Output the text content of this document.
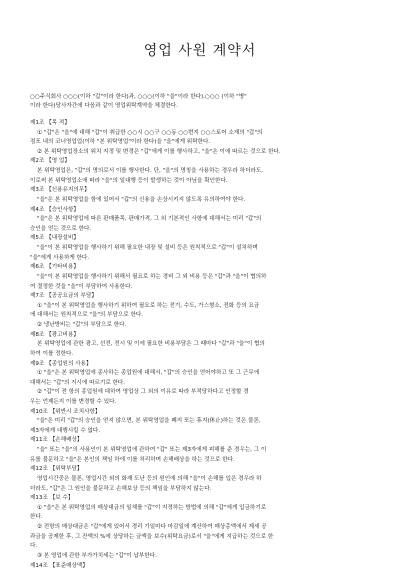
영업 사원 계약서
○○주식회사 ○○○(이하 "갑"이라 한다)과, ○○○(이하 "을"이라 한다),○○○ (이하 "병"
이라 한다)당사자간에 다음과 같이 영업위탁계약을 체결한다.
제1조 【목 적】
① "갑"은 "을"에 대해 "갑"이 취급한 ○○시 ○○구 ○○동 ○○번지 ○○스토어 소재의 "갑"의
점포 내의 코너영업업(이하 "본 위탁영업"이라 한다)을 "을"에게 위탁한다.
② 본 위탁영업장소의 위치 지정 및 변경은 "갑"에게 이를 행사하고, "을"은 이에 따르는 것으로 한다.
제2조 【영 업】
본 위탁영업은, "갑"의 명의로서 이를 행사한다. 단, "을"의 명칭을 사용하는 경우라 하더라도,
이로써 본 위탁영업소에 따라 "을"의 일대행 등이 발생하는 것이 아님을 확인한다.
제3조 【신용유지의무】
"을"은 본 위탁영업을 함에 있어서 "갑"의 신용을 손상시키지 않도록 유의하여야 한다.
제4조 【승인사항】
"을"은 본 위탁영업에 따른 판매품목, 판매가격, 그 외 기본적인 사항에 대해서는 미리 "갑"의
승인을 얻는 것으로 한다.
제5조 【내장설비】
"을"이 본 위탁영업을 행사하기 위해 필요한 내장 및 설비 등은 원칙적으로 "갑"이 설치하며
"을"에게 사용하게 한다.
제6조 【기타비용】
"을"이 본 위탁영업을 행사하기 위해서 필요로 하는 경비 그 외 비용 등은 "갑"과 "을"이 협의하
여 결정한 것을 "을"이 부담하여 사용한다.
제7조 【공공요금의 부담】
① "을"이 본 위탁영업을 행사하기 위하여 필요로 하는 전기, 수도, 가스형소, 전화 등의 요금
에 대해서는 원칙적으로 "을"의 부담으로 한다.
② 냉난방비는 "갑"의 부담으로 한다.
제8조 【광고비용】
본 위탁영업에 관한 광고, 선전, 전시 및 이에 필요한 비용부담은 그 때마다 "갑"과 "을"이 협의
하여 이를 정한다.
제9조 【종업원의 사용】
① "을"은 본 위탁영업에 종사하는 종업원에 대해서, "갑"의 승인을 얻어야하고 또 그 근무에
대해서는 "갑"의 지시에 따르기로 한다.
② "갑"이 전 항의 종업원에 대하여 영업상 그 외의 이유로 따라 부적당하다고 인정할 경
우는 언제든지 이를 변경할 수 있다.
제10조 【위반시 조치사항】
"을"은 미리 "갑"의 승인을 얻지 않으면, 본 위탁영업을 폐지 또는 휴지(休止)하는 것은 물론,
제3자에게 대행시킬 수 없다.
제11조 【손해배상】
"을" 또는 "을"의 사용인이 본 위탁영업에 관하여 "갑" 또는 제3자에게 피해를 준 경우는, 그 이
유를 불문하고 "을"은 본인의 책임 하에 이를 처리하며 손해배상을 하는 것으로 한다.
제12조 【위탁부담】
영업시간중은 물론, 영업시간 외의 화재 도난 등의 원인에 의해 "을"이 손해를 입은 경우라 하
더라도, "갑"은 그 원인을 불문하고 손해보상 등의 책임을 부담하지 않는다.
제13조 【보 수】
① "을"은 본 위탁영업의 매상대금의 일체를 "갑"이 지정하는 방법에 의해 "갑"에게 입금하기로
한다.
② 전항의 매상대금은 "갑"에게 있어서 경리 기일마다 마감일에 계산하여 매상총액에서 제세 공
과금을 공제한 후, 그 잔액의 %에 상당하는 금액을 보수(위탁요금)로서 "을"에게 지급하는 것으로 한
다.
③ 본 영업에 관한 부가가치세는 "갑"이 납부한다.
제14조 【표준매상액】
